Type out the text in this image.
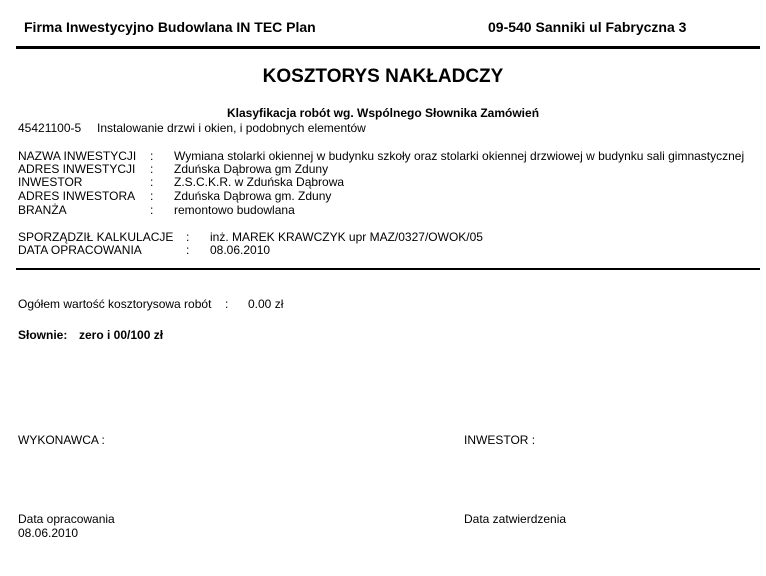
Firma Inwestycyjno Budowlana IN TEC Plan	09-540 Sanniki ul Fabryczna 3
KOSZTORYS NAKŁADCZY
Klasyfikacja robót wg. Wspólnego Słownika Zamówień
45421100-5 Instalowanie drzwi i okien, i podobnych elementów
NAZWA INWESTYCJI : Wymiana stolarki okiennej w budynku szkoły oraz stolarki okiennej drzwiowej w budynku sali gimnastycznej
ADRES INWESTYCJI : Zduńska Dąbrowa gm Zduny
INWESTOR	: Z.S.C.K.R. w Zduńska Dąbrowa
ADRES INWESTORA : Zduńska Dąbrowa gm. Zduny
BRANŻA	: remontowo budowlana
SPORZĄDZIŁ KALKULACJE : inż. MAREK KRAWCZYK upr MAZ/0327/OWOK/05
DATA OPRACOWANIA	: 08.06.2010
Ogółem wartość kosztorysowa robót : 0.00 zł
Słownie: zero i 00/100 zł
WYKONAWCA :	INWESTOR :
Data opracowania
08.06.2010
Data zatwierdzenia
